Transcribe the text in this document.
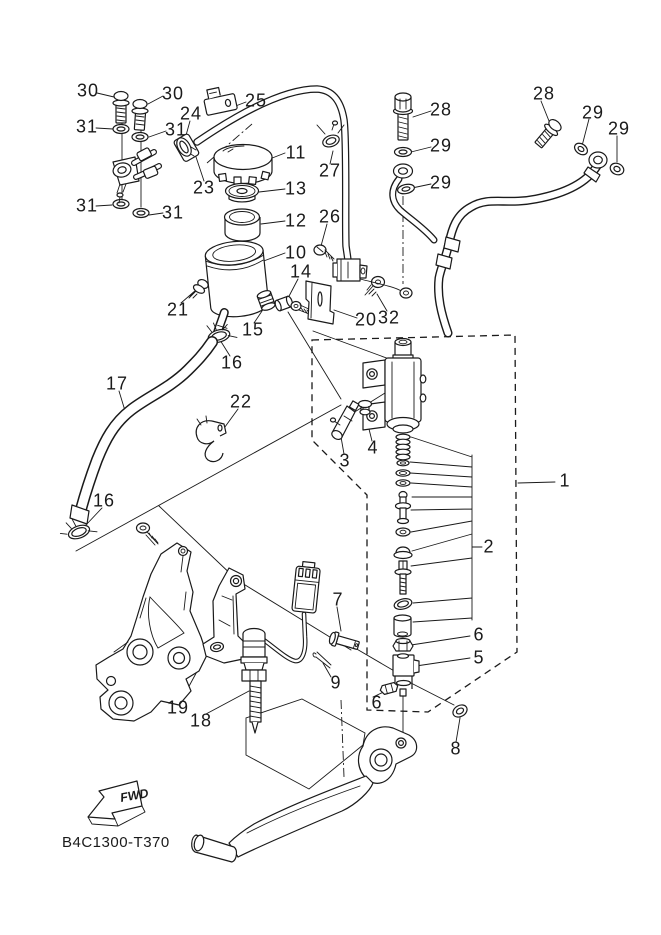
FWD
30	30
31	31
24
25
23
31	31
11
27
13
12 26
10
14
28
29
29
28
29
29
21
15	20 32
16
17
22
3
4
1
2
16
7
6
5
9
6
19
18
8
B4C1300-T370
